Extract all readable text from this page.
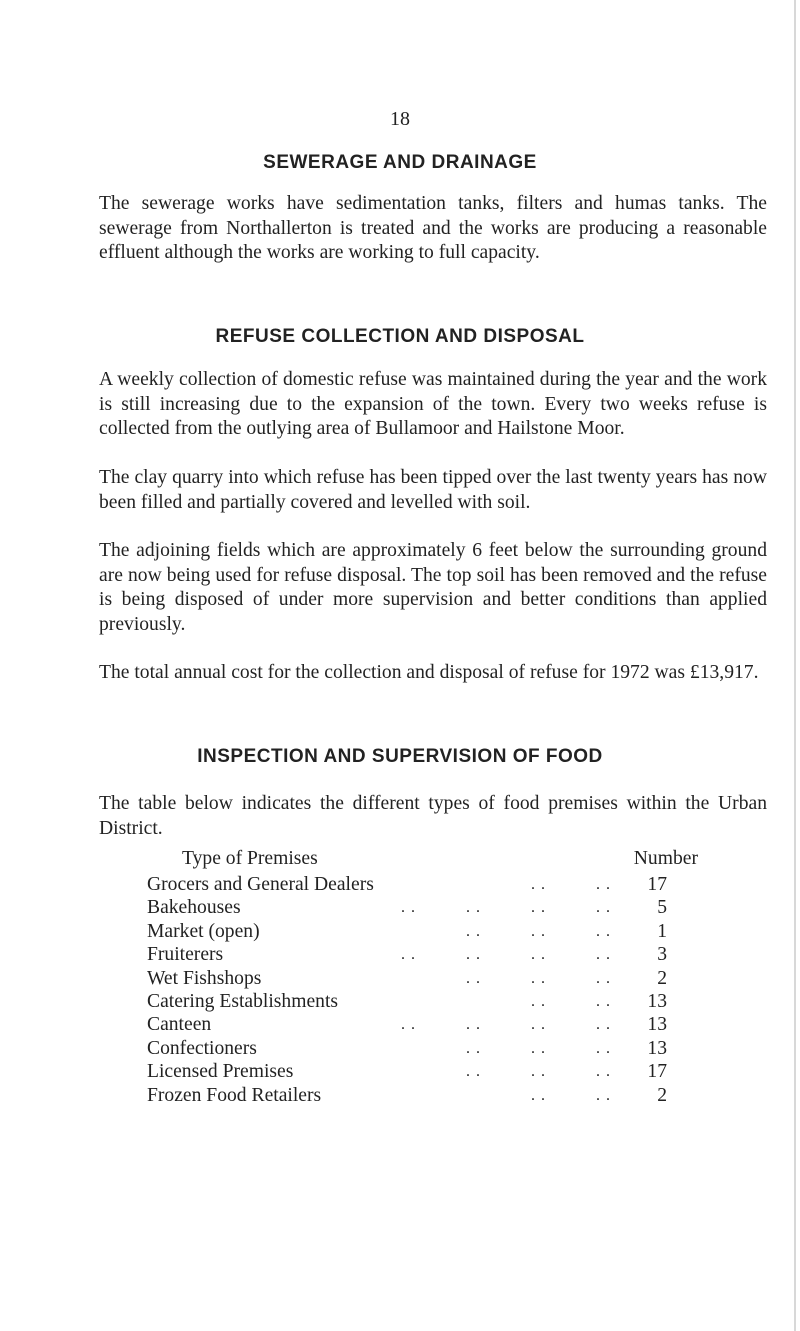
18
SEWERAGE AND DRAINAGE
The sewerage works have sedimentation tanks, filters and humas tanks. The sewerage from Northallerton is treated and the works are producing a reasonable effluent although the works are working to full capacity.
REFUSE COLLECTION AND DISPOSAL
A weekly collection of domestic refuse was maintained during the year and the work is still increasing due to the expansion of the town. Every two weeks refuse is collected from the outlying area of Bullamoor and Hailstone Moor.
The clay quarry into which refuse has been tipped over the last twenty years has now been filled and partially covered and levelled with soil.
The adjoining fields which are approximately 6 feet below the surrounding ground are now being used for refuse disposal. The top soil has been removed and the refuse is being disposed of under more supervision and better conditions than applied previously.
The total annual cost for the collection and disposal of refuse for 1972 was £13,917.
INSPECTION AND SUPERVISION OF FOOD
The table below indicates the different types of food premises within the Urban District.
Type of Premises	Number
Grocers and General Dealers	. .          . .	17
Bakehouses	. .          . .          . .          . .	5
Market (open)	. .          . .          . .	1
Fruiterers	. .          . .          . .          . .	3
Wet Fishshops	. .          . .          . .	2
Catering Establishments	. .          . .	13
Canteen	. .          . .          . .          . .	13
Confectioners	. .          . .          . .	13
Licensed Premises	. .          . .          . .	17
Frozen Food Retailers	. .          . .	2
